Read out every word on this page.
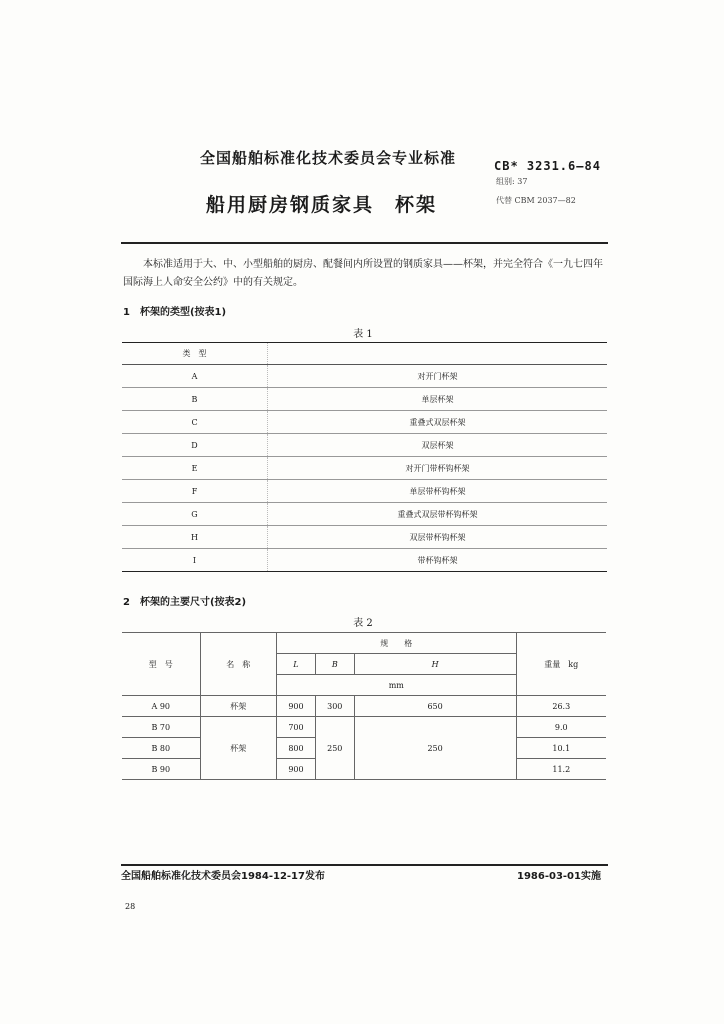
全国船舶标准化技术委员会专业标准	CB* 3231.6—84
组别: 37
船用厨房钢质家具　杯架	代替 CBM 2037—82
本标准适用于大、中、小型船舶的厨房、配餐间内所设置的钢质家具——杯架，并完全符合《一九七四年国际海上人命安全公约》中的有关规定。
1　杯架的类型(按表1)
表 1
类　型	
A	对开门杯架
B	单层杯架
C	重叠式双层杯架
D	双层杯架
E	对开门带杯钩杯架
F	单层带杯钩杯架
G	重叠式双层带杯钩杯架
H	双层带杯钩杯架
I	带杯钩杯架
2　杯架的主要尺寸(按表2)
表 2
型　号	名　称	规　　格			重量　kg
		L	B	H	
		mm			
A 90	杯架	900	300	650	26.3
B 70	杯架	700	250	250	9.0
B 80		800			10.1
B 90		900			11.2
全国船舶标准化技术委员会1984-12-17发布	1986-03-01实施
28
